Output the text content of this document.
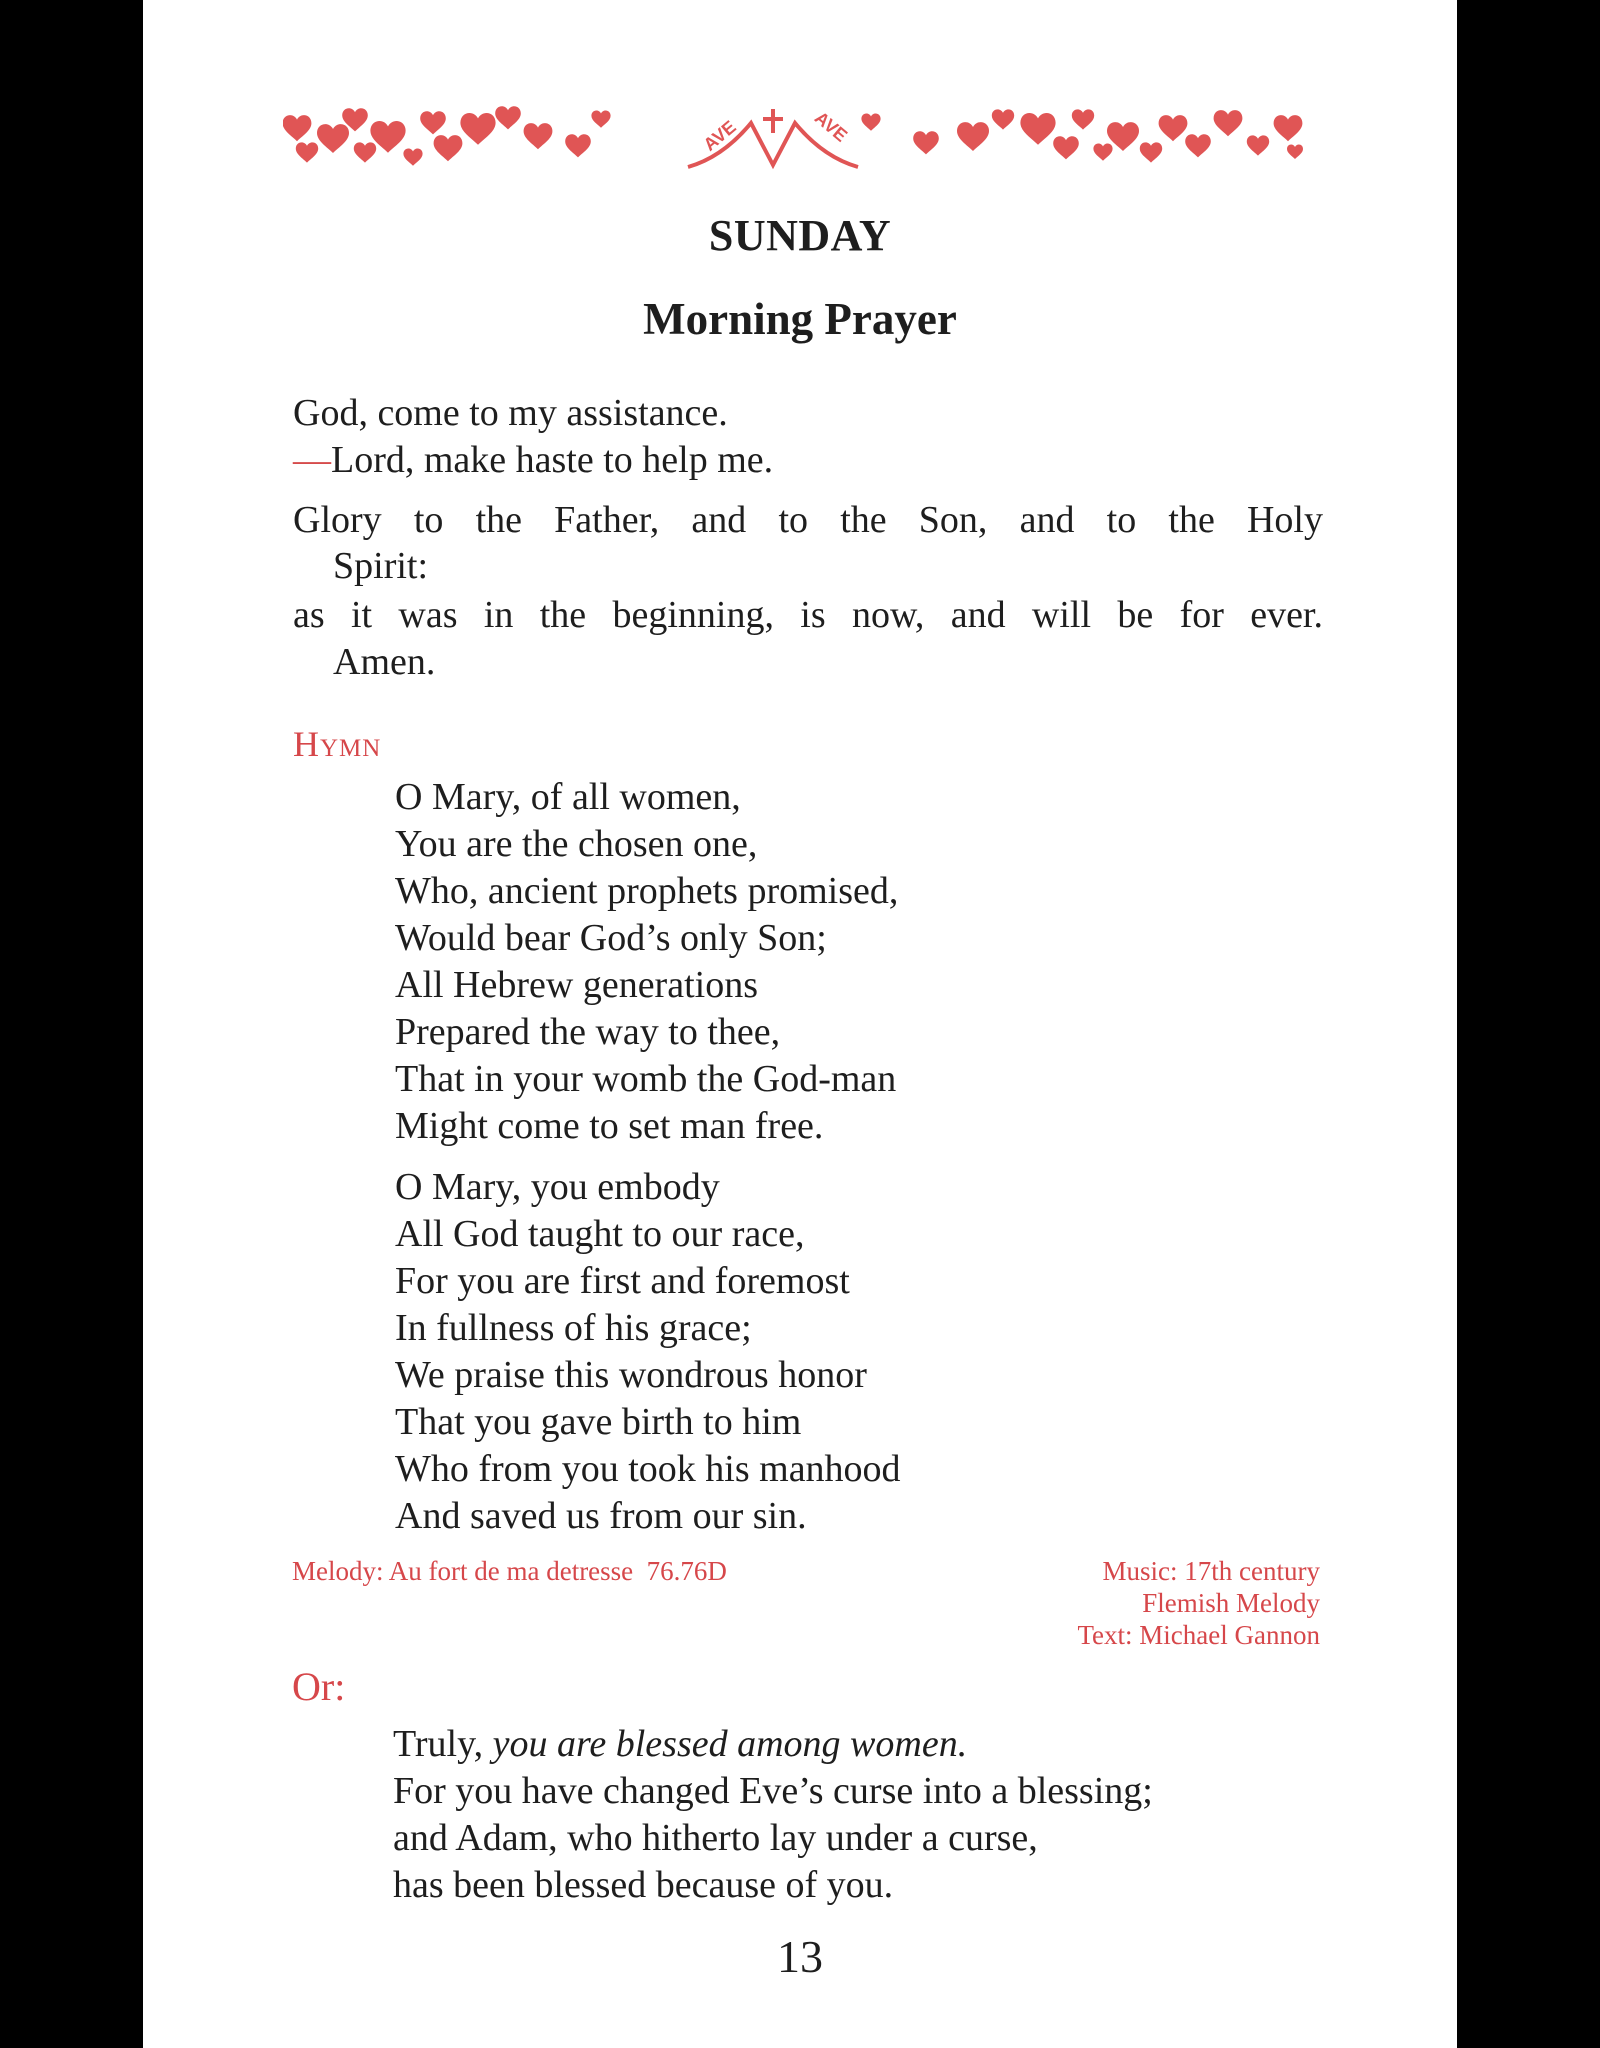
AVE	AVE
SUNDAY
Morning Prayer
God, come to my assistance.
—Lord, make haste to help me.
Glory to the Father, and to the Son, and to the Holy
Spirit:
as it was in the beginning, is now, and will be for ever.
Amen.
Hymn
O Mary, of all women,
You are the chosen one,
Who, ancient prophets promised,
Would bear God’s only Son;
All Hebrew generations
Prepared the way to thee,
That in your womb the God-man
Might come to set man free.
O Mary, you embody
All God taught to our race,
For you are first and foremost
In fullness of his grace;
We praise this wondrous honor
That you gave birth to him
Who from you took his manhood
And saved us from our sin.
Melody: Au fort de ma detresse  76.76D	Music: 17th century
Flemish Melody
Text: Michael Gannon
Or:
Truly, you are blessed among women.
For you have changed Eve’s curse into a blessing;
and Adam, who hitherto lay under a curse,
has been blessed because of you.
13
